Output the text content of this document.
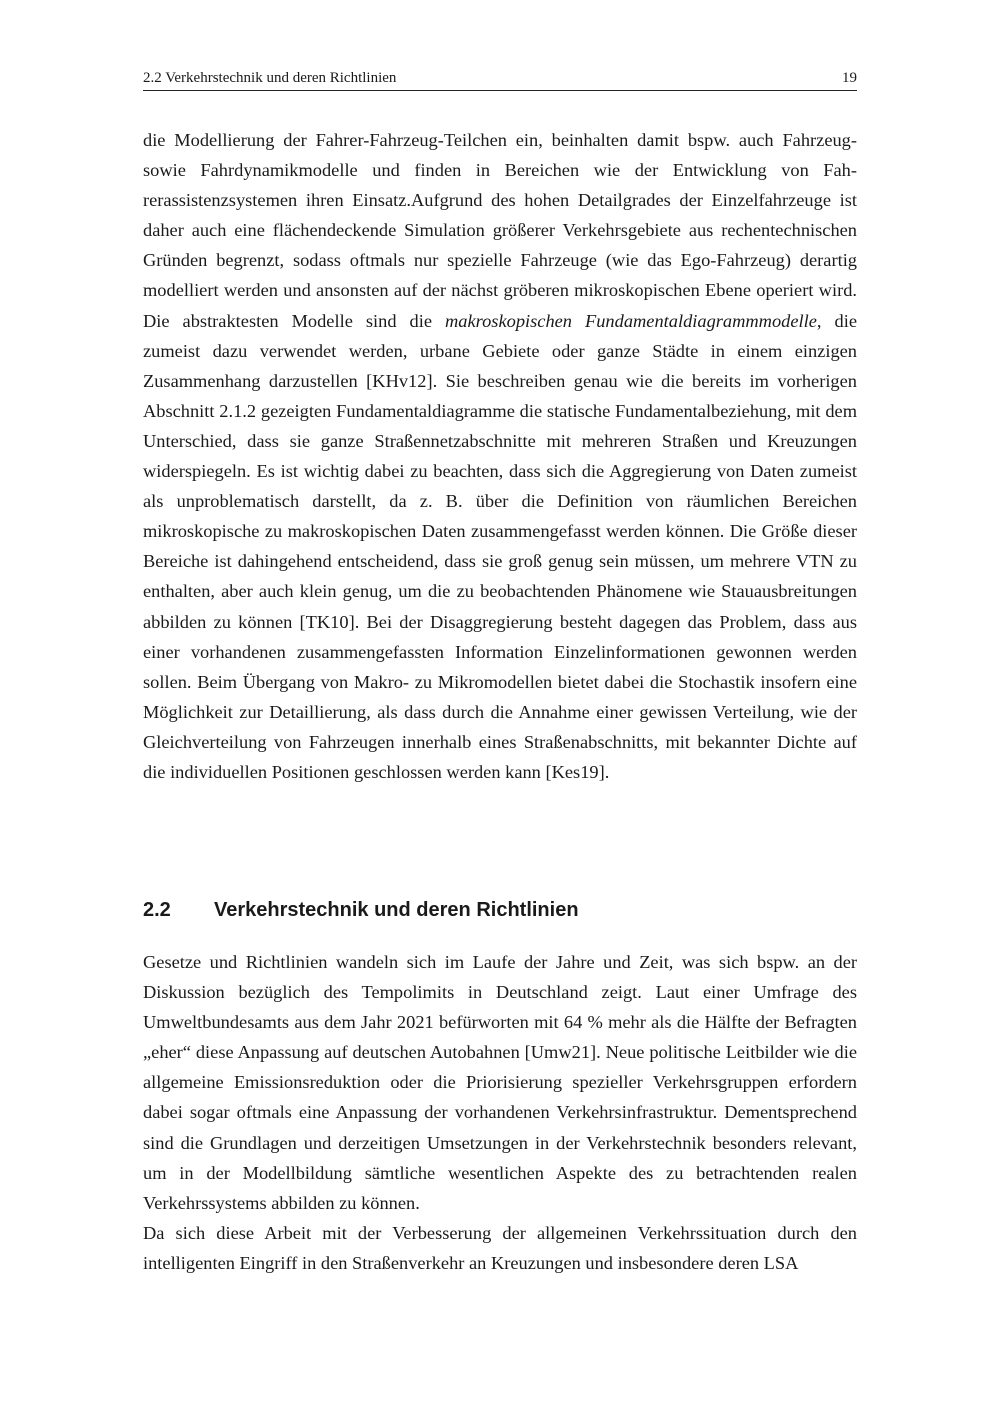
2.2 Verkehrstechnik und deren Richtlinien	19

die Modellierung der Fahrer-Fahrzeug-Teilchen ein, beinhalten damit bspw. auch Fahrzeug- sowie Fahrdynamikmodelle und finden in Bereichen wie der Entwicklung von Fahrerassistenzsystemen ihren Einsatz.Aufgrund des hohen Detailgrades der Einzelfahrzeuge ist daher auch eine flächendeckende Simulation größerer Verkehrsgebiete aus rechentechnischen Gründen begrenzt, sodass oftmals nur spezielle Fahrzeuge (wie das Ego-Fahrzeug) derartig modelliert werden und ansonsten auf der nächst gröberen mikroskopischen Ebene operiert wird. Die abstraktesten Modelle sind die makroskopischen Fundamentaldiagrammmodelle, die zumeist dazu verwendet werden, urbane Gebiete oder ganze Städte in einem einzigen Zusammenhang darzustellen [KHv12]. Sie beschreiben genau wie die bereits im vorherigen Abschnitt 2.1.2 gezeigten Fundamentaldiagramme die statische Fundamentalbeziehung, mit dem Unterschied, dass sie ganze Straßennetzabschnitte mit mehreren Straßen und Kreuzungen widerspiegeln. Es ist wichtig dabei zu beachten, dass sich die Aggregierung von Daten zumeist als unproblematisch darstellt, da z. B. über die Definition von räumlichen Bereichen mikroskopische zu makroskopischen Daten zusammengefasst werden können. Die Größe dieser Bereiche ist dahingehend entscheidend, dass sie groß genug sein müssen, um mehrere VTN zu enthalten, aber auch klein genug, um die zu beobachtenden Phänomene wie Stauausbreitungen abbilden zu können [TK10]. Bei der Disaggregierung besteht dagegen das Problem, dass aus einer vorhandenen zusammengefassten Information Einzelinformationen gewonnen werden sollen. Beim Übergang von Makro- zu Mikromodellen bietet dabei die Stochastik insofern eine Möglichkeit zur Detaillierung, als dass durch die Annahme einer gewissen Verteilung, wie der Gleichverteilung von Fahrzeugen innerhalb eines Straßenabschnitts, mit bekannter Dichte auf die individuellen Positionen geschlossen werden kann [Kes19].

2.2 Verkehrstechnik und deren Richtlinien

Gesetze und Richtlinien wandeln sich im Laufe der Jahre und Zeit, was sich bspw. an der Diskussion bezüglich des Tempolimits in Deutschland zeigt. Laut einer Umfrage des Umweltbundesamts aus dem Jahr 2021 befürworten mit 64 % mehr als die Hälfte der Befragten „eher“ diese Anpassung auf deutschen Autobahnen [Umw21]. Neue politische Leitbilder wie die allgemeine Emissionsreduktion oder die Priorisierung spezieller Verkehrsgruppen erfordern dabei sogar oftmals eine Anpassung der vorhandenen Verkehrsinfrastruktur. Dementsprechend sind die Grundlagen und derzeitigen Umsetzungen in der Verkehrstechnik besonders relevant, um in der Modellbildung sämtliche wesentlichen Aspekte des zu betrachtenden realen Verkehrssystems abbilden zu können.

Da sich diese Arbeit mit der Verbesserung der allgemeinen Verkehrssituation durch den intelligenten Eingriff in den Straßenverkehr an Kreuzungen und insbesondere deren LSA
